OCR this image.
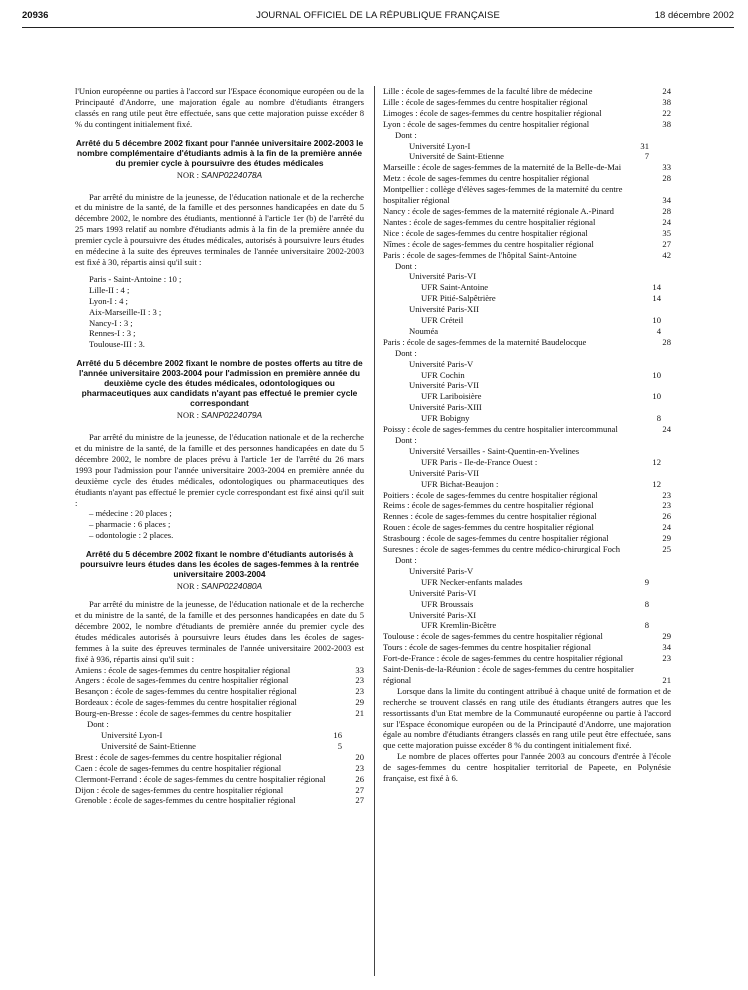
20936	JOURNAL OFFICIEL DE LA RÉPUBLIQUE FRANÇAISE	18 décembre 2002

l'Union européenne ou parties à l'accord sur l'Espace économique européen ou de la Principauté d'Andorre, une majoration égale au nombre d'étudiants étrangers classés en rang utile peut être effectuée, sans que cette majoration puisse excéder 8 % du contingent initialement fixé.

Arrêté du 5 décembre 2002 fixant pour l'année universitaire 2002-2003 le nombre complémentaire d'étudiants admis à la fin de la première année du premier cycle à poursuivre des études médicales

NOR : SANP0224078A

Par arrêté du ministre de la jeunesse, de l'éducation nationale et de la recherche et du ministre de la santé, de la famille et des personnes handicapées en date du 5 décembre 2002, le nombre des étudiants, mentionné à l'article 1er (b) de l'arrêté du 25 mars 1993 relatif au nombre d'étudiants admis à la fin de la première année du premier cycle à poursuivre des études médicales, autorisés à poursuivre leurs études en médecine à la suite des épreuves terminales de l'année universitaire 2002-2003 est fixé à 30, répartis ainsi qu'il suit :

Paris - Saint-Antoine : 10 ;

Lille-II : 4 ;

Lyon-I : 4 ;

Aix-Marseille-II : 3 ;

Nancy-I : 3 ;

Rennes-I : 3 ;

Toulouse-III : 3.

Arrêté du 5 décembre 2002 fixant le nombre de postes offerts au titre de l'année universitaire 2003-2004 pour l'admission en première année du deuxième cycle des études médicales, odontologiques ou pharmaceutiques aux candidats n'ayant pas effectué le premier cycle correspondant

NOR : SANP0224079A

Par arrêté du ministre de la jeunesse, de l'éducation nationale et de la recherche et du ministre de la santé, de la famille et des personnes handicapées en date du 5 décembre 2002, le nombre de places prévu à l'article 1er de l'arrêté du 26 mars 1993 pour l'admission pour l'année universitaire 2003-2004 en première année du deuxième cycle des études médicales, odontologiques ou pharmaceutiques des étudiants n'ayant pas effectué le premier cycle correspondant est fixé ainsi qu'il suit :

– médecine : 20 places ;

– pharmacie : 6 places ;

– odontologie : 2 places.

Arrêté du 5 décembre 2002 fixant le nombre d'étudiants autorisés à poursuivre leurs études dans les écoles de sages-femmes à la rentrée universitaire 2003-2004

NOR : SANP0224080A

Par arrêté du ministre de la jeunesse, de l'éducation nationale et de la recherche et du ministre de la santé, de la famille et des personnes handicapées en date du 5 décembre 2002, le nombre d'étudiants de première année du premier cycle des études médicales autorisés à poursuivre leurs études dans les écoles de sages-femmes à la suite des épreuves terminales de l'année universitaire 2002-2003 est fixé à 936, répartis ainsi qu'il suit :

Amiens : école de sages-femmes du centre hospitalier régional	33
Angers : école de sages-femmes du centre hospitalier régional	23
Besançon : école de sages-femmes du centre hospitalier régional	23
Bordeaux : école de sages-femmes du centre hospitalier régional	29
Bourg-en-Bresse : école de sages-femmes du centre hospitalier	21

Dont :

Université Lyon-I	16
Université de Saint-Etienne	5
Brest : école de sages-femmes du centre hospitalier régional	20
Caen : école de sages-femmes du centre hospitalier régional	23
Clermont-Ferrand : école de sages-femmes du centre hospitalier régional	26
Dijon : école de sages-femmes du centre hospitalier régional	27
Grenoble : école de sages-femmes du centre hospitalier régional	27
Lille : école de sages-femmes de la faculté libre de médecine	24
Lille : école de sages-femmes du centre hospitalier régional	38
Limoges : école de sages-femmes du centre hospitalier régional	22
Lyon : école de sages-femmes du centre hospitalier régional	38

Dont :

Université Lyon-I	31
Université de Saint-Etienne	7
Marseille : école de sages-femmes de la maternité de la Belle-de-Mai	33
Metz : école de sages-femmes du centre hospitalier régional	28
Montpellier : collège d'élèves sages-femmes de la maternité du centre hospitalier régional	34
Nancy : école de sages-femmes de la maternité régionale A.-Pinard	28
Nantes : école de sages-femmes du centre hospitalier régional	24
Nice : école de sages-femmes du centre hospitalier régional	35
Nîmes : école de sages-femmes du centre hospitalier régional	27
Paris : école de sages-femmes de l'hôpital Saint-Antoine	42

Dont :

Université Paris-VI

UFR Saint-Antoine	14
UFR Pitié-Salpêtrière	14

Université Paris-XII

UFR Créteil	10
Nouméa	4
Paris : école de sages-femmes de la maternité Baudelocque	28

Dont :

Université Paris-V

UFR Cochin	10

Université Paris-VII

UFR Lariboisière	10

Université Paris-XIII

UFR Bobigny	8
Poissy : école de sages-femmes du centre hospitalier intercommunal	24

Dont :

Université Versailles - Saint-Quentin-en-Yvelines

UFR Paris - Ile-de-France Ouest :	12

Université Paris-VII

UFR Bichat-Beaujon :	12
Poitiers : école de sages-femmes du centre hospitalier régional	23
Reims : école de sages-femmes du centre hospitalier régional	23
Rennes : école de sages-femmes du centre hospitalier régional	26
Rouen : école de sages-femmes du centre hospitalier régional	24
Strasbourg : école de sages-femmes du centre hospitalier régional	29
Suresnes : école de sages-femmes du centre médico-chirurgical Foch	25

Dont :

Université Paris-V

UFR Necker-enfants malades	9

Université Paris-VI

UFR Broussais	8

Université Paris-XI

UFR Kremlin-Bicêtre	8
Toulouse : école de sages-femmes du centre hospitalier régional	29
Tours : école de sages-femmes du centre hospitalier régional	34
Fort-de-France : école de sages-femmes du centre hospitalier régional	23
Saint-Denis-de-la-Réunion : école de sages-femmes du centre hospitalier régional	21

Lorsque dans la limite du contingent attribué à chaque unité de formation et de recherche se trouvent classés en rang utile des étudiants étrangers autres que les ressortissants d'un Etat membre de la Communauté européenne ou partie à l'accord sur l'Espace économique européen ou de la Principauté d'Andorre, une majoration égale au nombre d'étudiants étrangers classés en rang utile peut être effectuée, sans que cette majoration puisse excéder 8 % du contingent initialement fixé.

Le nombre de places offertes pour l'année 2003 au concours d'entrée à l'école de sages-femmes du centre hospitalier territorial de Papeete, en Polynésie française, est fixé à 6.
